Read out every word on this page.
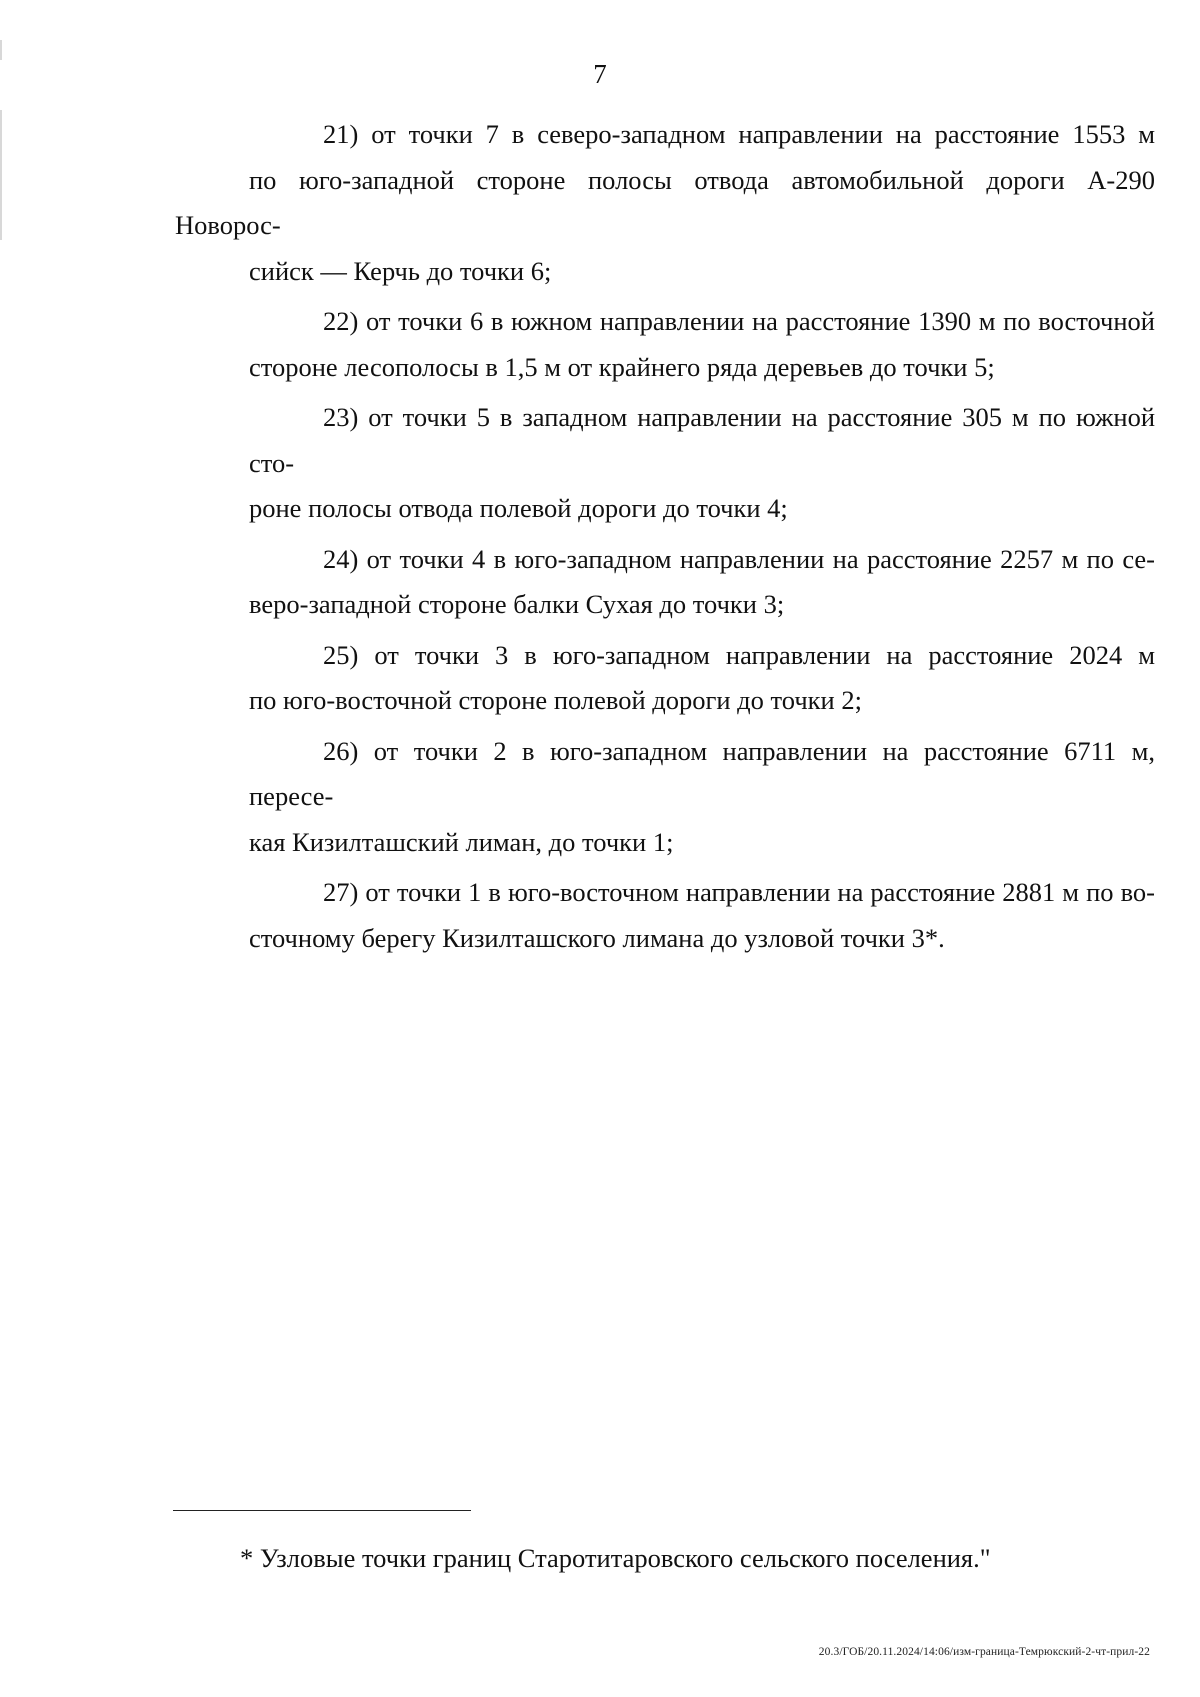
7
21) от точки 7 в северо-западном направлении на расстояние 1553 м
по юго-западной стороне полосы отвода автомобильной дороги А-290 Новорос-
сийск — Керчь до точки 6;
22) от точки 6 в южном направлении на расстояние 1390 м по восточной
стороне лесополосы в 1,5 м от крайнего ряда деревьев до точки 5;
23) от точки 5 в западном направлении на расстояние 305 м по южной сто-
роне полосы отвода полевой дороги до точки 4;
24) от точки 4 в юго-западном направлении на расстояние 2257 м по се-
веро-западной стороне балки Сухая до точки 3;
25) от точки 3 в юго-западном направлении на расстояние 2024 м
по юго-восточной стороне полевой дороги до точки 2;
26) от точки 2 в юго-западном направлении на расстояние 6711 м, пересе-
кая Кизилташский лиман, до точки 1;
27) от точки 1 в юго-восточном направлении на расстояние 2881 м по во-
сточному берегу Кизилташского лимана до узловой точки 3*.
* Узловые точки границ Старотитаровского сельского поселения."
20.3/ГОБ/20.11.2024/14:06/изм-граница-Темрюкский-2-чт-прил-22
